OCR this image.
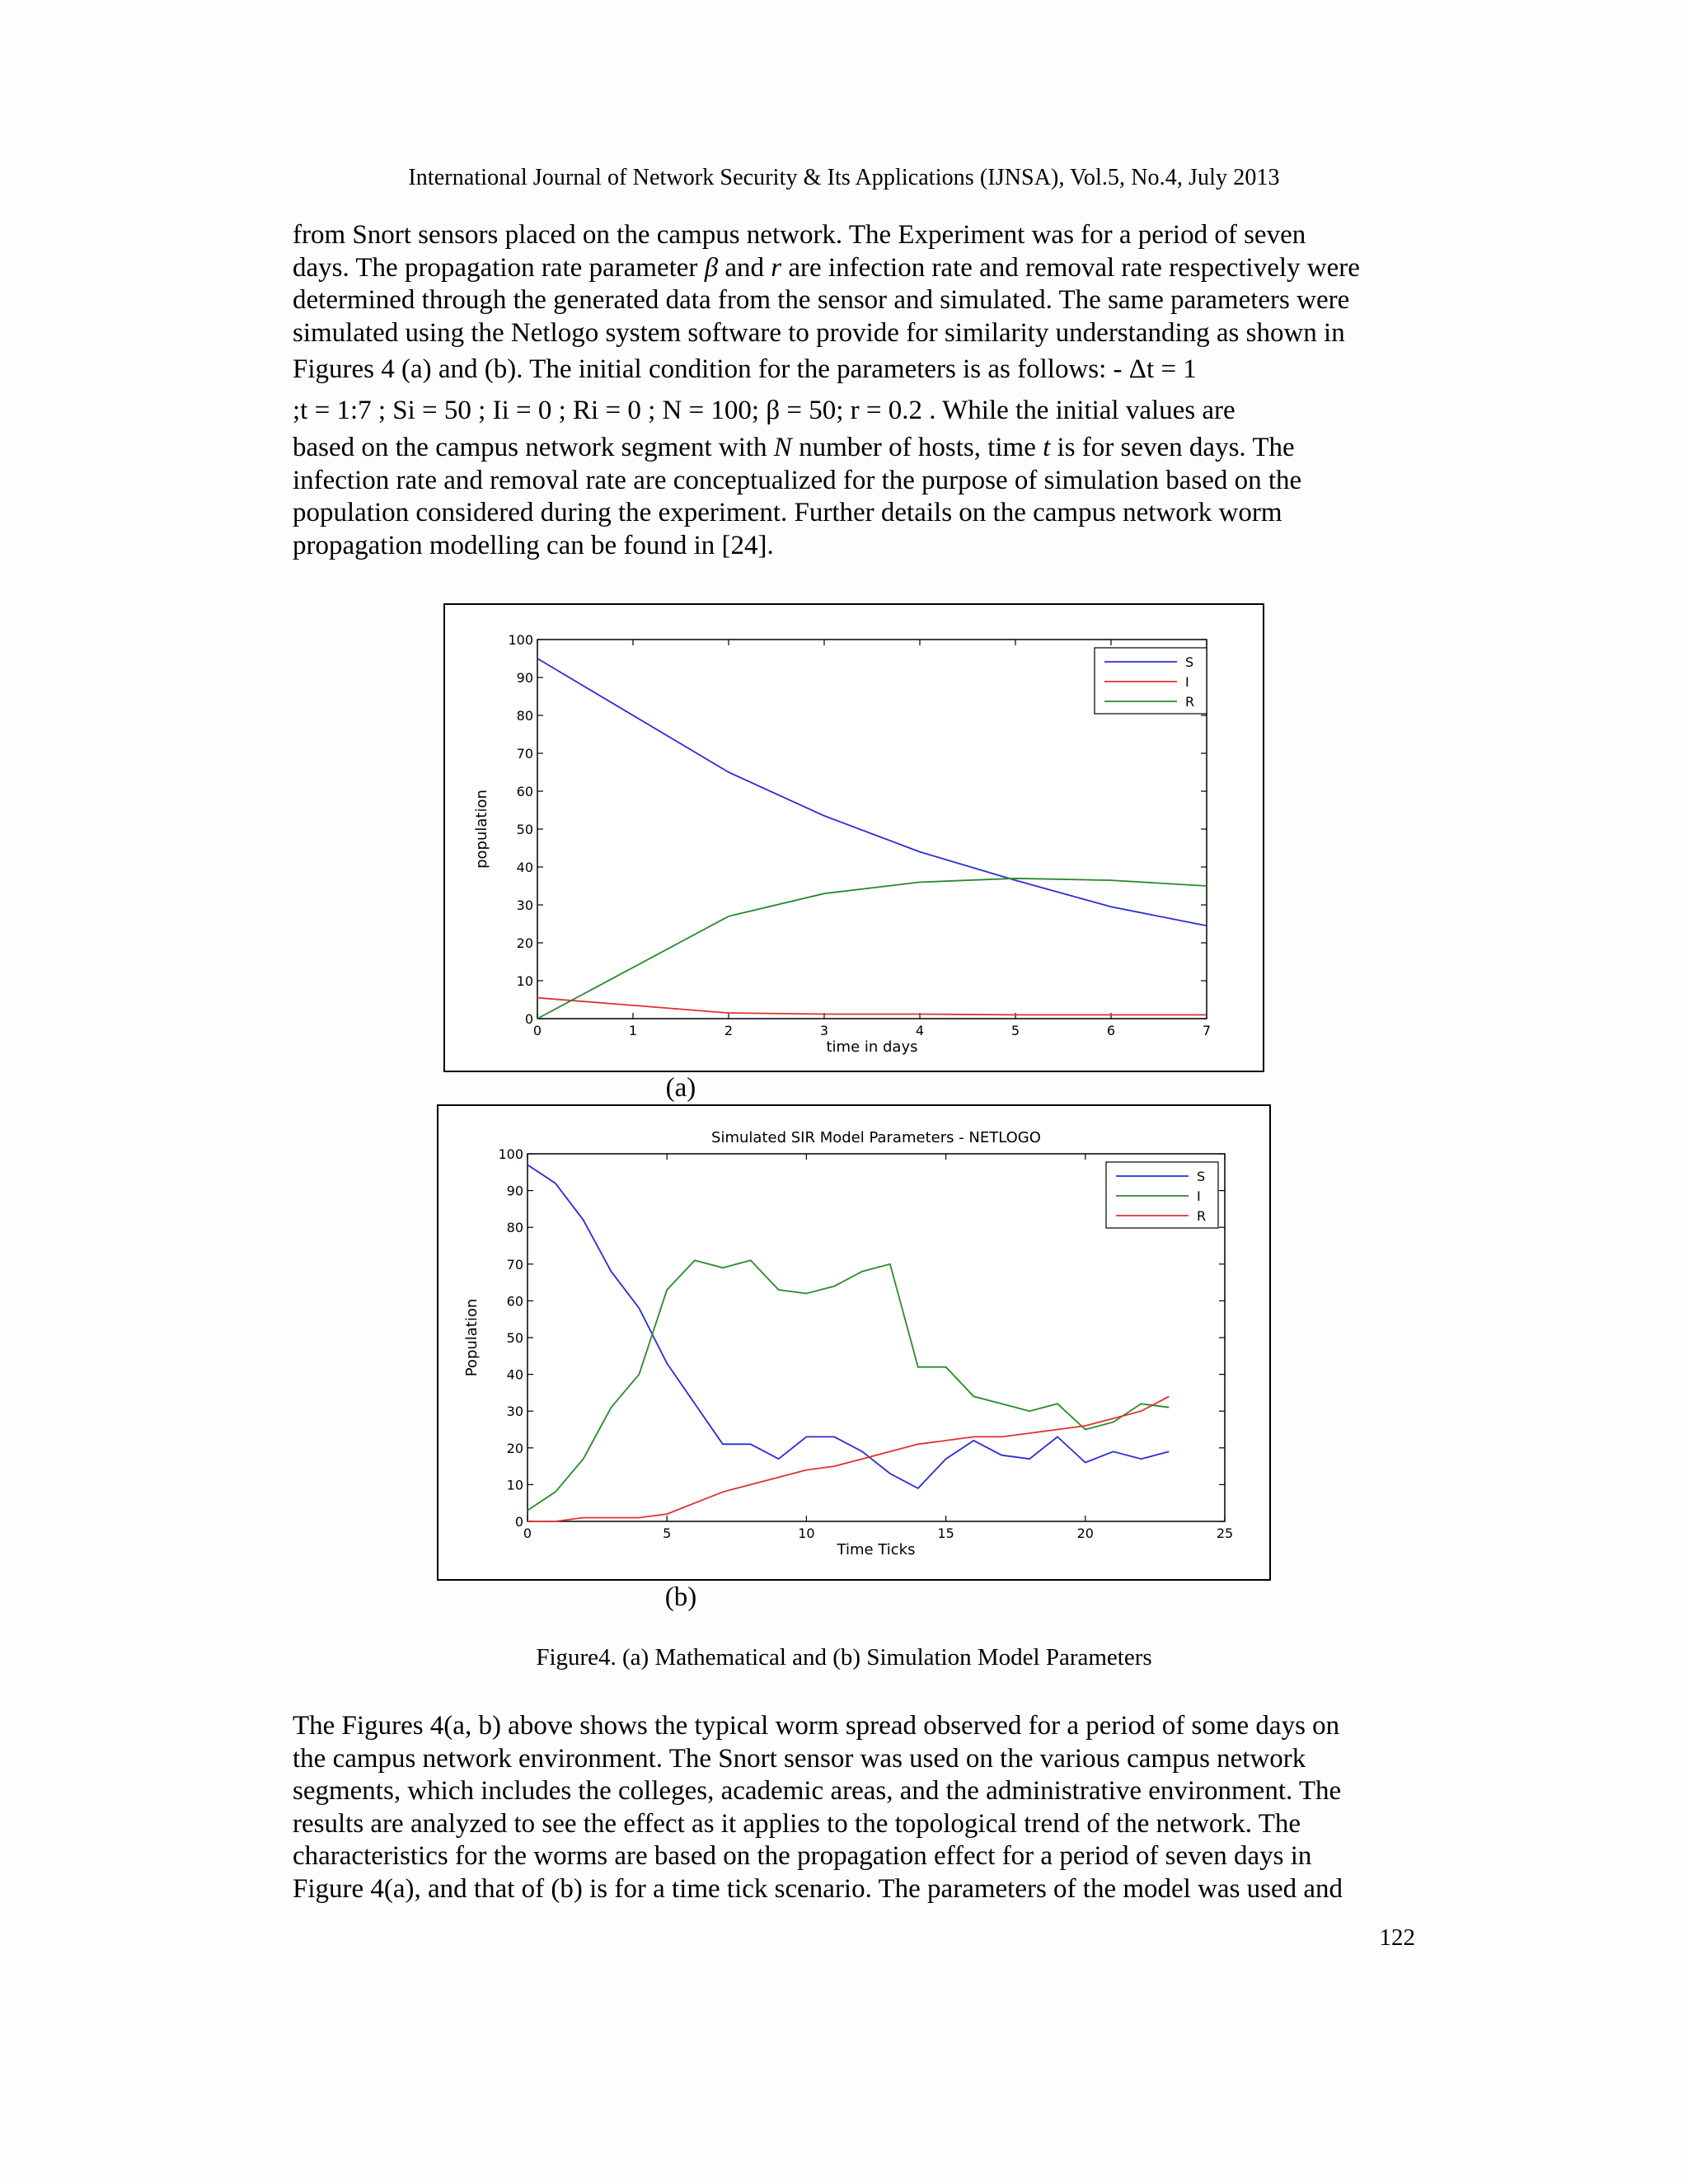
International Journal of Network Security & Its Applications (IJNSA), Vol.5, No.4, July 2013

from Snort sensors placed on the campus network. The Experiment was for a period of seven

days. The propagation rate parameter β and r are infection rate and removal rate respectively were

determined through the generated data from the sensor and simulated. The same parameters were

simulated using the Netlogo system software to provide for similarity understanding as shown in

Figures 4 (a) and (b). The initial condition for the parameters is as follows: - Δt = 1

;t = 1:7 ; Si = 50 ; Ii = 0 ; Ri = 0 ; N = 100; β = 50; r = 0.2 . While the initial values are

based on the campus network segment with N number of hosts, time t is for seven days. The

infection rate and removal rate are conceptualized for the purpose of simulation based on the

population considered during the experiment. Further details on the campus network worm

propagation modelling can be found in [24].

0	1	2	3	4	5	6	7
0
10
20
30
40
50
60
70
80
90
100
time in days
population
S
I
R
(a)
Simulated SIR Model Parameters - NETLOGO
0	5	10	15	20	25
0
10
20
30
40
50
60
70
80
90
100
Time Ticks
Population
S
I
R
(b)
Figure4. (a) Mathematical and (b) Simulation Model Parameters

The Figures 4(a, b) above shows the typical worm spread observed for a period of some days on

the campus network environment. The Snort sensor was used on the various campus network

segments, which includes the colleges, academic areas, and the administrative environment. The

results are analyzed to see the effect as it applies to the topological trend of the network. The

characteristics for the worms are based on the propagation effect for a period of seven days in

Figure 4(a), and that of (b) is for a time tick scenario. The parameters of the model was used and

122
